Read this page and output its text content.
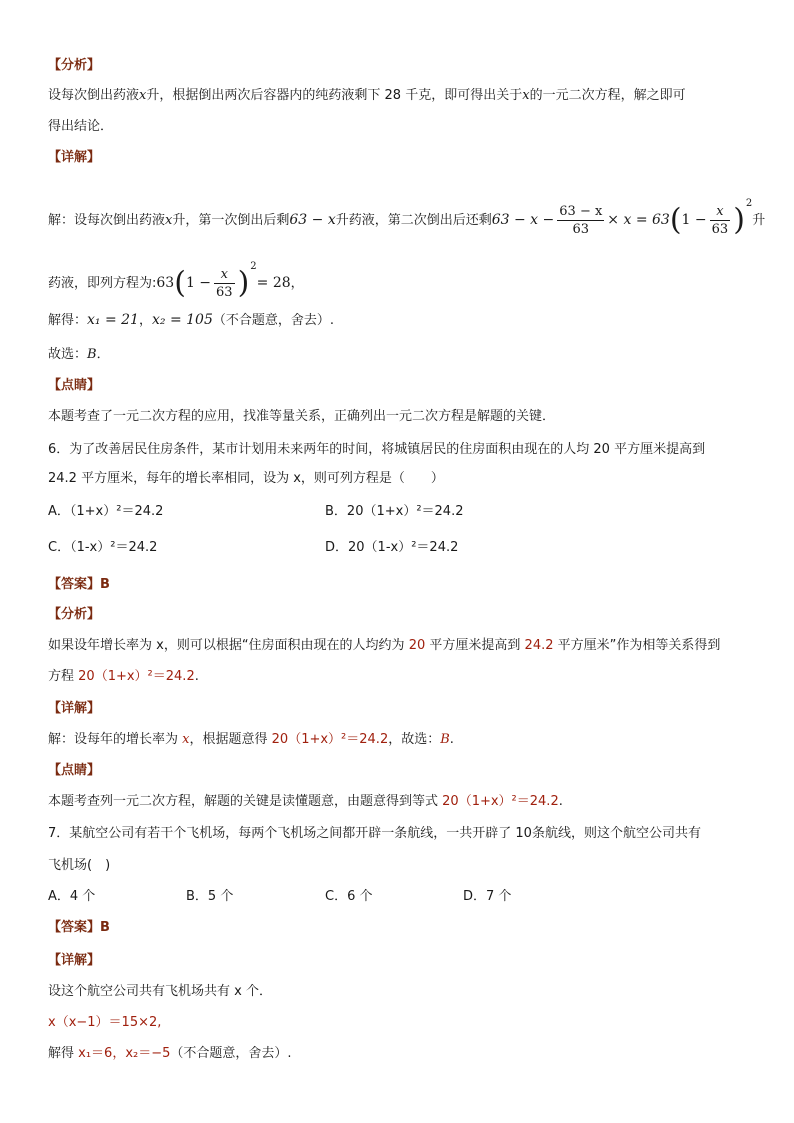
【分析】
设每次倒出药液x升，根据倒出两次后容器内的纯药液剩下 28 千克，即可得出关于x的一元二次方程，解之即可
得出结论．
【详解】
解：设每次倒出药液x升，第一次倒出后剩63 − x升药液，第二次倒出后还剩$63 - x - \frac{63 - x}{63} \times x = 63(1 - \frac{x}{63} )^2$升
药液，即列方程为:63(1 − $\frac{x}{63} )^2= 28$，
解得：x₁ = 21，x₂ = 105（不合题意，舍去）.
故选：B．
【点睛】
本题考查了一元二次方程的应用，找准等量关系，正确列出一元二次方程是解题的关键．
6．为了改善居民住房条件，某市计划用未来两年的时间，将城镇居民的住房面积由现在的人均 20 平方厘米提高到
24.2 平方厘米，每年的增长率相同，设为 x，则可列方程是（　　）
A．（1+x）²＝24.2	B．20（1+x）²＝24.2
C．（1-x）²＝24.2	D．20（1-x）²＝24.2
【答案】B
【分析】
如果设年增长率为 x，则可以根据“住房面积由现在的人均约为 20 平方厘米提高到 24.2 平方厘米”作为相等关系得到
方程 20（1+x）²＝24.2.
【详解】
解：设每年的增长率为 x，根据题意得 20（1+x）²＝24.2，故选：B.
【点睛】
本题考查列一元二次方程，解题的关键是读懂题意，由题意得到等式 20（1+x）²＝24.2.
7．某航空公司有若干个飞机场，每两个飞机场之间都开辟一条航线，一共开辟了 10条航线，则这个航空公司共有
飞机场(　)
A．4 个	B．5 个	C．6 个	D．7 个
【答案】B
【详解】
设这个航空公司共有飞机场共有 x 个．
x（x−1）＝15×2,
解得 x₁＝6，x₂＝−5（不合题意，舍去）.
